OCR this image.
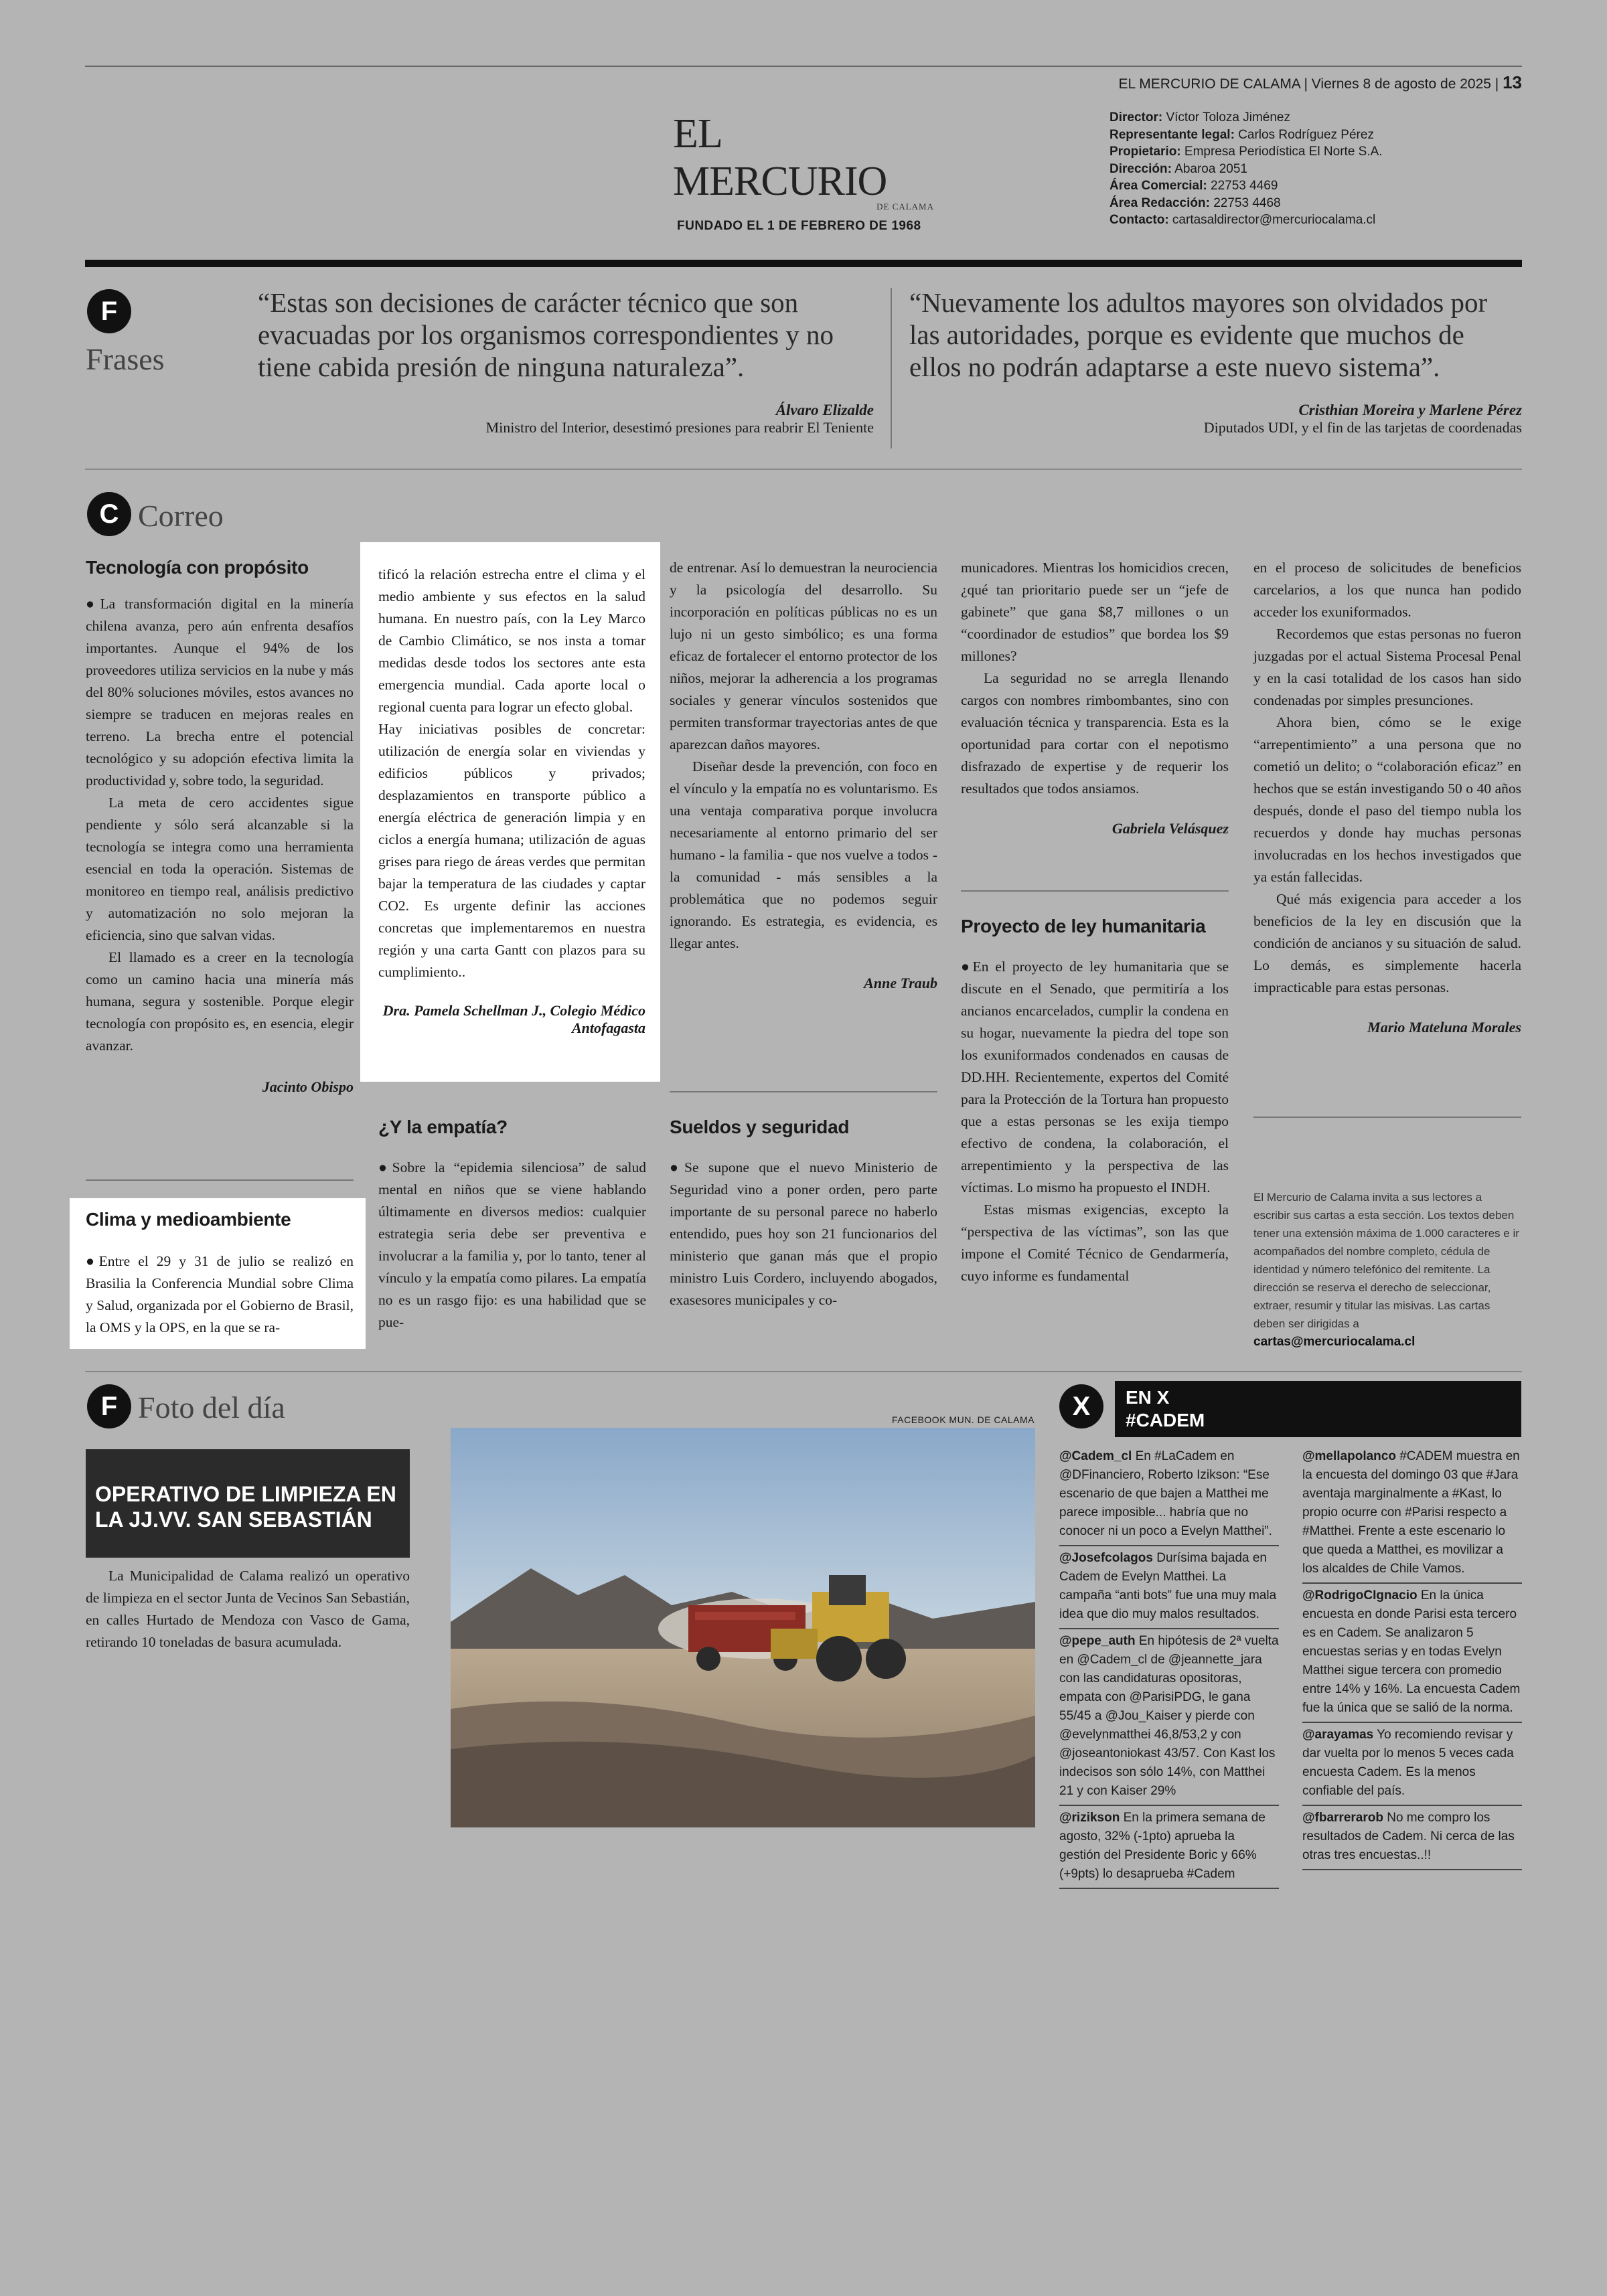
EL MERCURIO DE CALAMA | Viernes 8 de agosto de 2025 | 13
EL MERCURIO
DE CALAMA
FUNDADO EL 1 DE FEBRERO DE 1968
Director: Víctor Toloza Jiménez
Representante legal: Carlos Rodríguez Pérez
Propietario: Empresa Periodística El Norte S.A.
Dirección: Abaroa 2051
Área Comercial: 22753 4469
Área Redacción: 22753 4468
Contacto: cartasaldirector@mercuriocalama.cl
F
Frases
“Estas son decisiones de carácter técnico que son evacuadas por los organismos correspondientes y no tiene cabida presión de ninguna naturaleza”.
Álvaro Elizalde
Ministro del Interior, desestimó presiones para reabrir El Teniente
“Nuevamente los adultos mayores son olvidados por las autoridades, porque es evidente que muchos de ellos no podrán adaptarse a este nuevo sistema”.
Cristhian Moreira y Marlene Pérez
Diputados UDI, y el fin de las tarjetas de coordenadas
C Correo
Tecnología con propósito

●La transformación digital en la minería chilena avanza, pero aún enfrenta desafíos importantes. Aunque el 94% de los proveedores utiliza servicios en la nube y más del 80% soluciones móviles, estos avances no siempre se traducen en mejoras reales en terreno. La brecha entre el potencial tecnológico y su adopción efectiva limita la productividad y, sobre todo, la seguridad.

La meta de cero accidentes sigue pendiente y sólo será alcanzable si la tecnología se integra como una herramienta esencial en toda la operación. Sistemas de monitoreo en tiempo real, análisis predictivo y automatización no solo mejoran la eficiencia, sino que salvan vidas.

El llamado es a creer en la tecnología como un camino hacia una minería más humana, segura y sostenible. Porque elegir tecnología con propósito es, en esencia, elegir avanzar.

Jacinto Obispo
Clima y medioambiente

●Entre el 29 y 31 de julio se realizó en Brasilia la Conferencia Mundial sobre Clima y Salud, organizada por el Gobierno de Brasil, la OMS y la OPS, en la que se ra-

tificó la relación estrecha entre el clima y el medio ambiente y sus efectos en la salud humana. En nuestro país, con la Ley Marco de Cambio Climático, se nos insta a tomar medidas desde todos los sectores ante esta emergencia mundial. Cada aporte local o regional cuenta para lograr un efecto global.

Hay iniciativas posibles de concretar: utilización de energía solar en viviendas y edificios públicos y privados; desplazamientos en transporte público a energía eléctrica de generación limpia y en ciclos a energía humana; utilización de aguas grises para riego de áreas verdes que permitan bajar la temperatura de las ciudades y captar CO2. Es urgente definir las acciones concretas que implementaremos en nuestra región y una carta Gantt con plazos para su cumplimiento..

Dra. Pamela Schellman J., Colegio Médico Antofagasta
¿Y la empatía?

●Sobre la “epidemia silenciosa” de salud mental en niños que se viene hablando últimamente en diversos medios: cualquier estrategia seria debe ser preventiva e involucrar a la familia y, por lo tanto, tener al vínculo y la empatía como pilares. La empatía no es un rasgo fijo: es una habilidad que se pue-

de entrenar. Así lo demuestran la neurociencia y la psicología del desarrollo. Su incorporación en políticas públicas no es un lujo ni un gesto simbólico; es una forma eficaz de fortalecer el entorno protector de los niños, mejorar la adherencia a los programas sociales y generar vínculos sostenidos que permiten transformar trayectorias antes de que aparezcan daños mayores.

Diseñar desde la prevención, con foco en el vínculo y la empatía no es voluntarismo. Es una ventaja comparativa porque involucra necesariamente al entorno primario del ser humano - la familia - que nos vuelve a todos - la comunidad - más sensibles a la problemática que no podemos seguir ignorando. Es estrategia, es evidencia, es llegar antes.

Anne Traub
Sueldos y seguridad

●Se supone que el nuevo Ministerio de Seguridad vino a poner orden, pero parte importante de su personal parece no haberlo entendido, pues hoy son 21 funcionarios del ministerio que ganan más que el propio ministro Luis Cordero, incluyendo abogados, exasesores municipales y co-

municadores. Mientras los homicidios crecen, ¿qué tan prioritario puede ser un “jefe de gabinete” que gana $8,7 millones o un “coordinador de estudios” que bordea los $9 millones?

La seguridad no se arregla llenando cargos con nombres rimbombantes, sino con evaluación técnica y transparencia. Esta es la oportunidad para cortar con el nepotismo disfrazado de expertise y de requerir los resultados que todos ansiamos.

Gabriela Velásquez
Proyecto de ley humanitaria

●En el proyecto de ley humanitaria que se discute en el Senado, que permitiría a los ancianos encarcelados, cumplir la condena en su hogar, nuevamente la piedra del tope son los exuniformados condenados en causas de DD.HH. Recientemente, expertos del Comité para la Protección de la Tortura han propuesto que a estas personas se les exija tiempo efectivo de condena, la colaboración, el arrepentimiento y la perspectiva de las víctimas. Lo mismo ha propuesto el INDH.

Estas mismas exigencias, excepto la “perspectiva de las víctimas”, son las que impone el Comité Técnico de Gendarmería, cuyo informe es fundamental

en el proceso de solicitudes de beneficios carcelarios, a los que nunca han podido acceder los exuniformados.

Recordemos que estas personas no fueron juzgadas por el actual Sistema Procesal Penal y en la casi totalidad de los casos han sido condenadas por simples presunciones.

Ahora bien, cómo se le exige “arrepentimiento” a una persona que no cometió un delito; o “colaboración eficaz” en hechos que se están investigando 50 o 40 años después, donde el paso del tiempo nubla los recuerdos y donde hay muchas personas involucradas en los hechos investigados que ya están fallecidas.

Qué más exigencia para acceder a los beneficios de la ley en discusión que la condición de ancianos y su situación de salud. Lo demás, es simplemente hacerla impracticable para estas personas.

Mario Mateluna Morales
El Mercurio de Calama invita a sus lectores a escribir sus cartas a esta sección. Los textos deben tener una extensión máxima de 1.000 caracteres e ir acompañados del nombre completo, cédula de identidad y número telefónico del remitente. La dirección se reserva el derecho de seleccionar, extraer, resumir y titular las misivas. Las cartas deben ser dirigidas a cartas@mercuriocalama.cl
F Foto del día
OPERATIVO DE LIMPIEZA EN LA JJ.VV. SAN SEBASTIÁN

La Municipalidad de Calama realizó un operativo de limpieza en el sector Junta de Vecinos San Sebastián, en calles Hurtado de Mendoza con Vasco de Gama, retirando 10 toneladas de basura acumulada.

FACEBOOK MUN. DE CALAMA	X	EN X
#CADEM
@Cadem_cl En #LaCadem en @DFinanciero, Roberto Izikson: “Ese escenario de que bajen a Matthei me parece imposible... habría que no conocer ni un poco a Evelyn Matthei”.
@Josefcolagos Durísima bajada en Cadem de Evelyn Matthei. La campaña “anti bots” fue una muy mala idea que dio muy malos resultados.
@pepe_auth En hipótesis de 2ª vuelta en @Cadem_cl de @jeannette_jara con las candidaturas opositoras, empata con @ParisiPDG, le gana 55/45 a @Jou_Kaiser y pierde con @evelynmatthei 46,8/53,2 y con @joseantoniokast 43/57. Con Kast los indecisos son sólo 14%, con Matthei 21 y con Kaiser 29%
@rizikson En la primera semana de agosto, 32% (-1pto) aprueba la gestión del Presidente Boric y 66% (+9pts) lo desaprueba #Cadem
@mellapolanco #CADEM muestra en la encuesta del domingo 03 que #Jara aventaja marginalmente a #Kast, lo propio ocurre con #Parisi respecto a #Matthei. Frente a este escenario lo que queda a Matthei, es movilizar a los alcaldes de Chile Vamos.
@RodrigoCIgnacio En la única encuesta en donde Parisi esta tercero es en Cadem. Se analizaron 5 encuestas serias y en todas Evelyn Matthei sigue tercera con promedio entre 14% y 16%. La encuesta Cadem fue la única que se salió de la norma.
@arayamas Yo recomiendo revisar y dar vuelta por lo menos 5 veces cada encuesta Cadem. Es la menos confiable del país.
@fbarrerarob No me compro los resultados de Cadem. Ni cerca de las otras tres encuestas..!!
